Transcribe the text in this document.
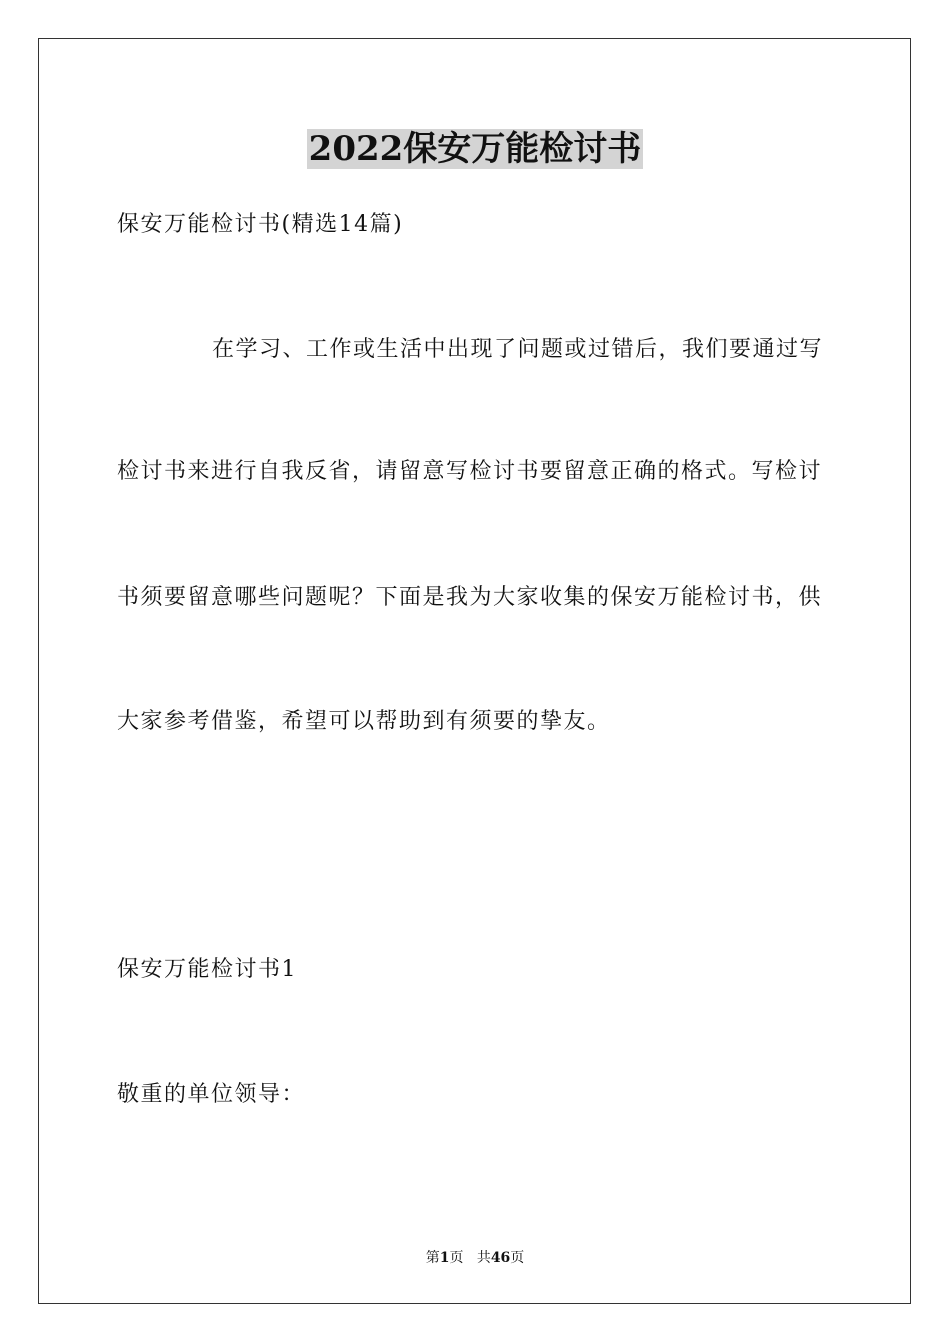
2022保安万能检讨书
保安万能检讨书(精选14篇)
在学习、工作或生活中出现了问题或过错后，我们要通过写
检讨书来进行自我反省，请留意写检讨书要留意正确的格式。写检讨
书须要留意哪些问题呢？下面是我为大家收集的保安万能检讨书，供
大家参考借鉴，希望可以帮助到有须要的挚友。
保安万能检讨书1
敬重的单位领导：
第1页 共46页
